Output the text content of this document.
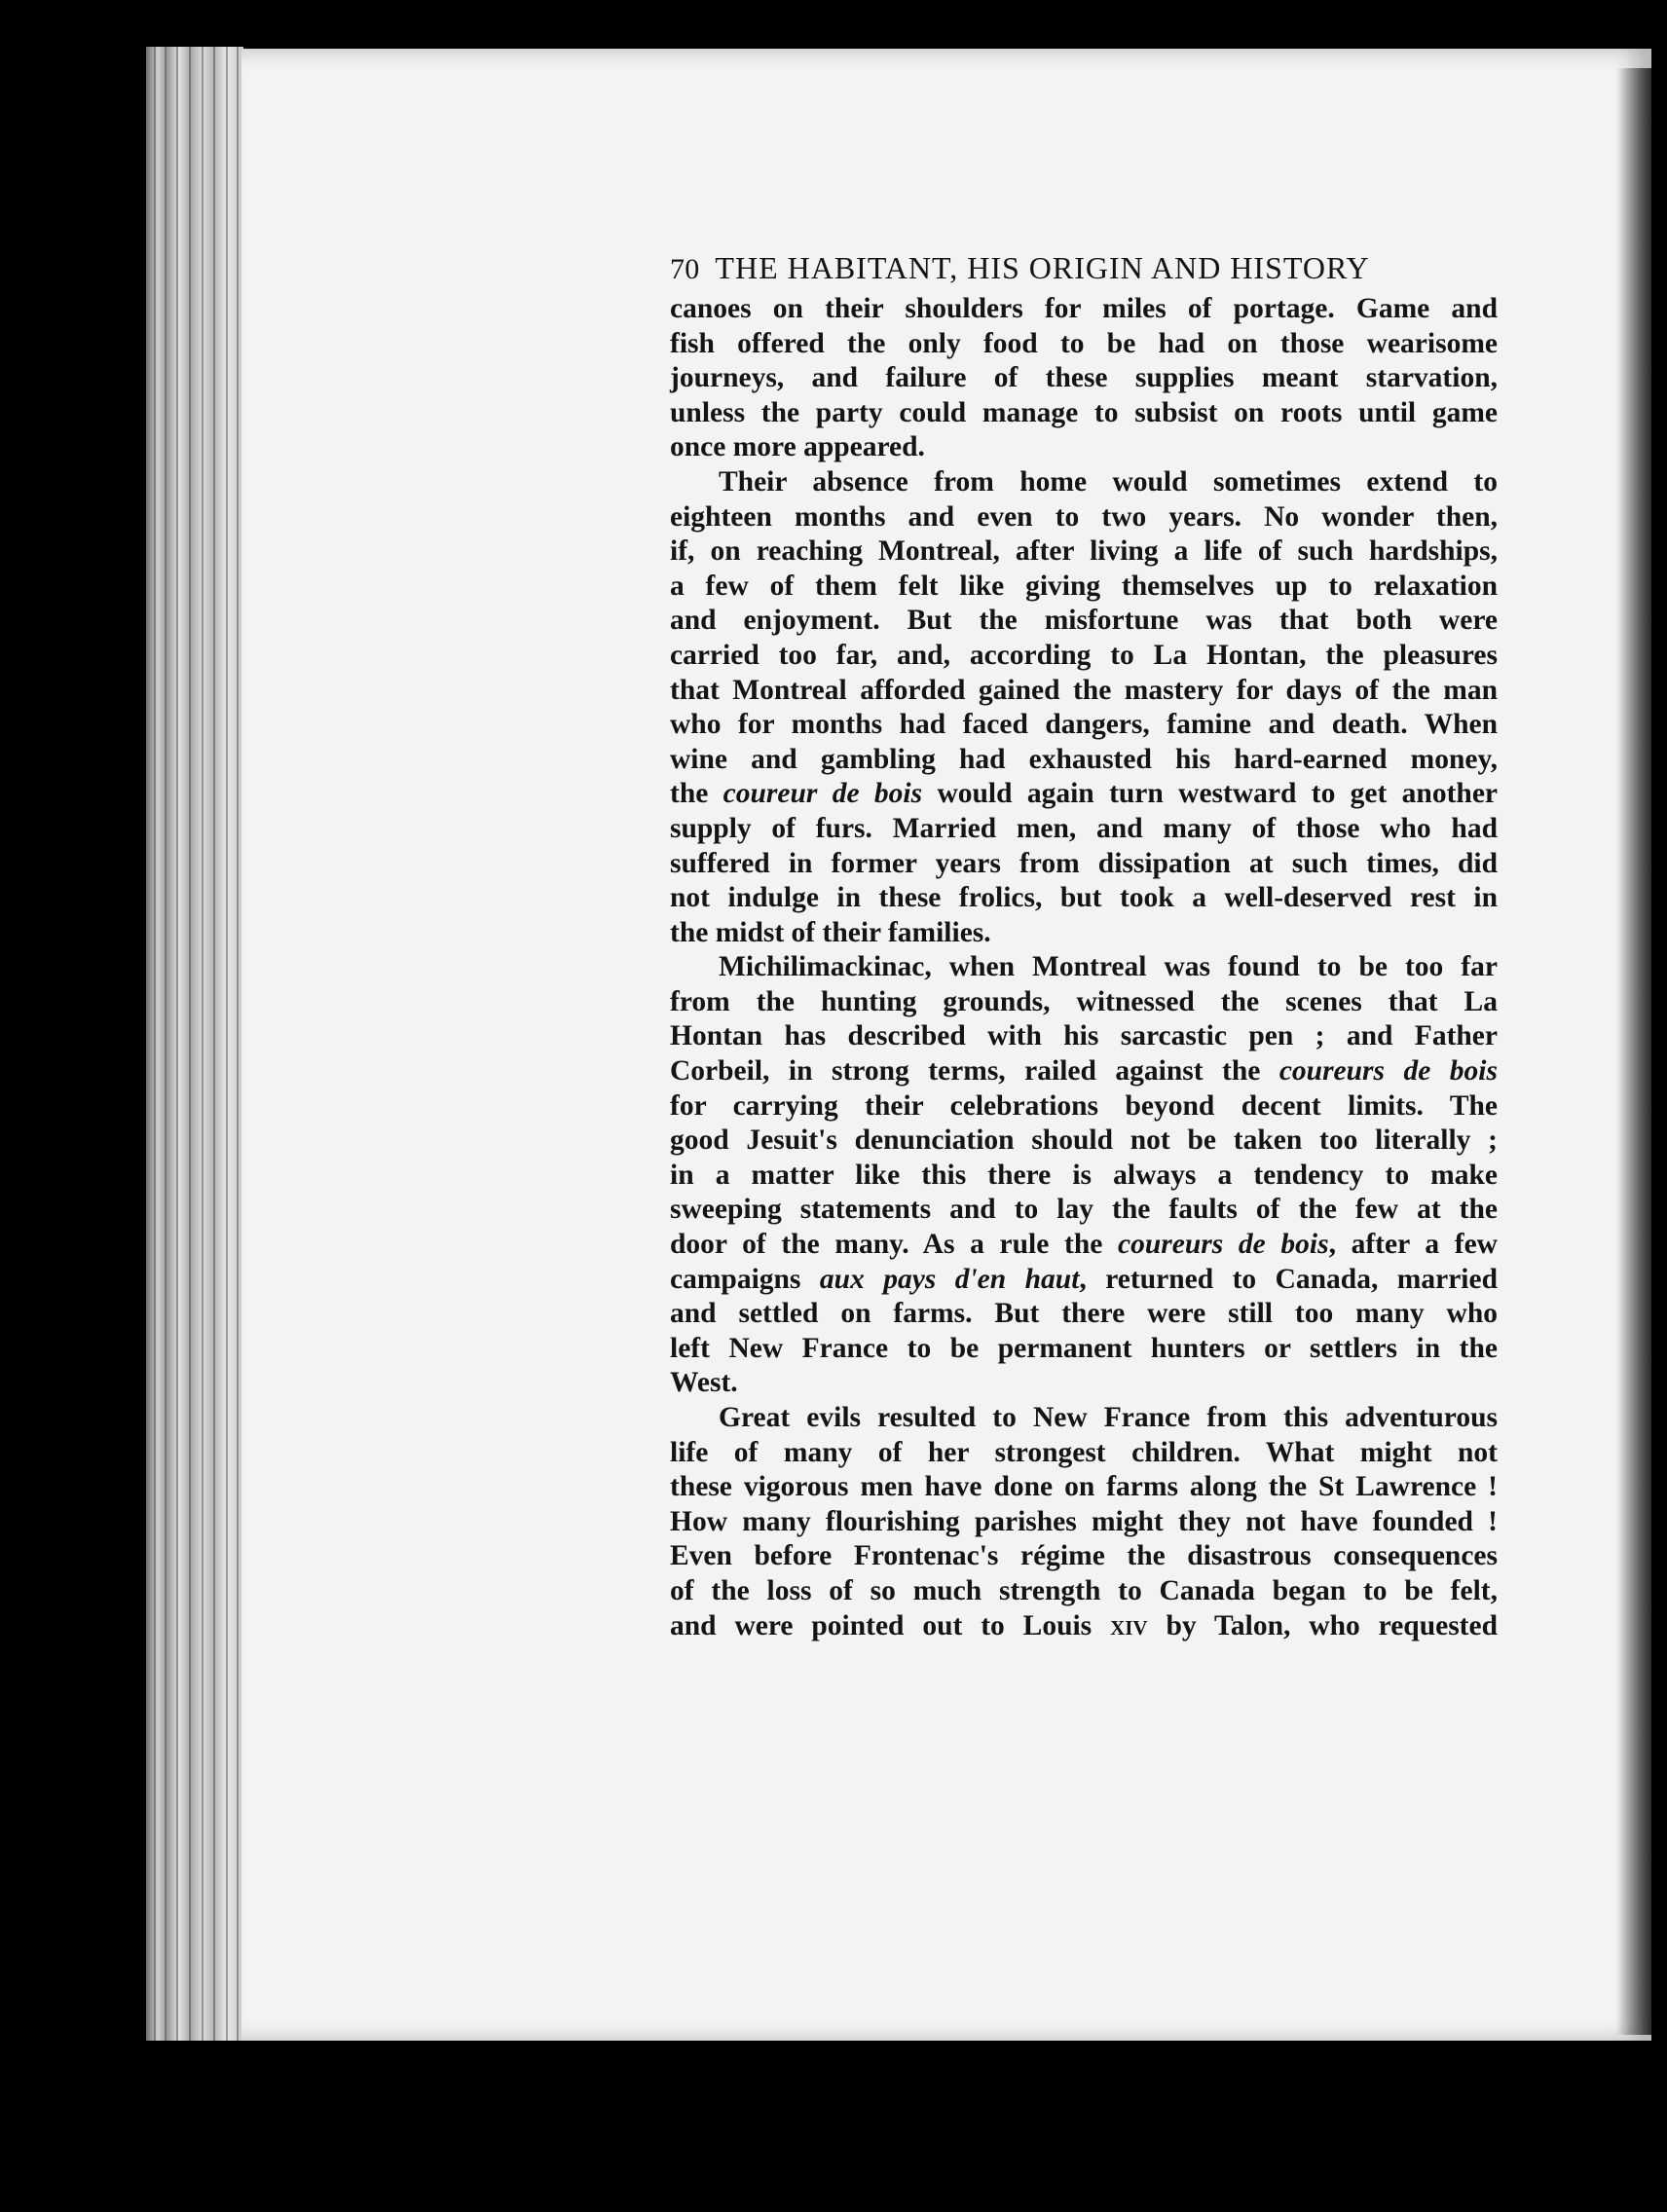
70 THE HABITANT, HIS ORIGIN AND HISTORY
canoes on their shoulders for miles of portage. Game and
fish offered the only food to be had on those wearisome
journeys, and failure of these supplies meant starvation,
unless the party could manage to subsist on roots until game
once more appeared.
Their absence from home would sometimes extend to
eighteen months and even to two years. No wonder then,
if, on reaching Montreal, after living a life of such hardships,
a few of them felt like giving themselves up to relaxation
and enjoyment. But the misfortune was that both were
carried too far, and, according to La Hontan, the pleasures
that Montreal afforded gained the mastery for days of the man
who for months had faced dangers, famine and death. When
wine and gambling had exhausted his hard-earned money,
the coureur de bois would again turn westward to get another
supply of furs. Married men, and many of those who had
suffered in former years from dissipation at such times, did
not indulge in these frolics, but took a well-deserved rest in
the midst of their families.
Michilimackinac, when Montreal was found to be too far
from the hunting grounds, witnessed the scenes that La
Hontan has described with his sarcastic pen ; and Father
Corbeil, in strong terms, railed against the coureurs de bois
for carrying their celebrations beyond decent limits. The
good Jesuit's denunciation should not be taken too literally ;
in a matter like this there is always a tendency to make
sweeping statements and to lay the faults of the few at the
door of the many. As a rule the coureurs de bois, after a few
campaigns aux pays d'en haut, returned to Canada, married
and settled on farms. But there were still too many who
left New France to be permanent hunters or settlers in the
West.
Great evils resulted to New France from this adventurous
life of many of her strongest children. What might not
these vigorous men have done on farms along the St Lawrence !
How many flourishing parishes might they not have founded !
Even before Frontenac's régime the disastrous consequences
of the loss of so much strength to Canada began to be felt,
and were pointed out to Louis xiv by Talon, who requested
